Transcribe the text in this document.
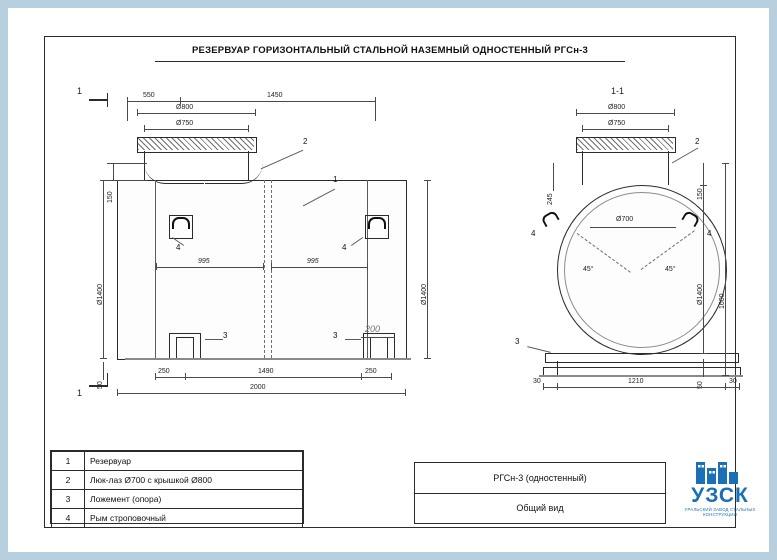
РЕЗЕРВУАР ГОРИЗОНТАЛЬНЫЙ СТАЛЬНОЙ НАЗЕМНЫЙ ОДНОСТЕННЫЙ РГСн-3
1
1
550	1450
Ø800
Ø750
150
Ø1400	Ø1400
50
4	4
995	995
3	3
200
250	1490	250
2000
2
1
1-1
Ø800
Ø750
245	150
Ø700
45°	45°
4	4
2
3
Ø1400 1600
50
30	1210	30
1	Резервуар
2	Люк-лаз Ø700 с крышкой Ø800
3	Ложемент (опора)
4	Рым строповочный
РГСн-3 (одностенный)
Общий вид
УЗСК
УРАЛЬСКИЙ ЗАВОД СТАЛЬНЫХ КОНСТРУКЦИЙ
